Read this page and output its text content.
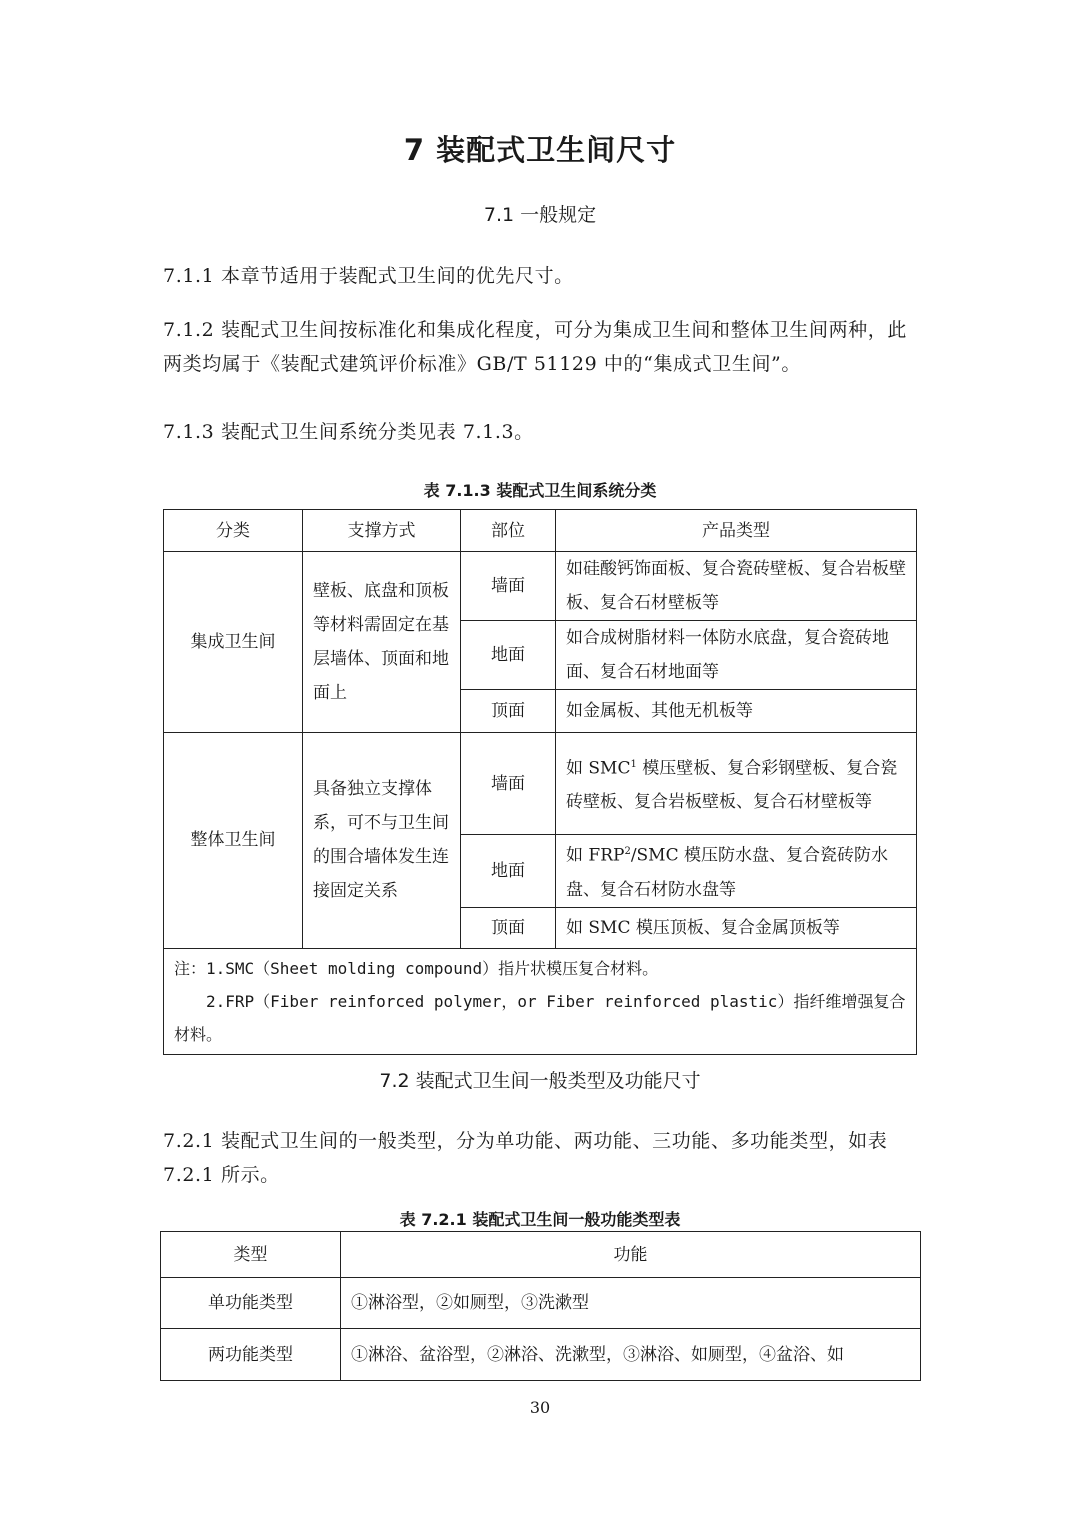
7 装配式卫生间尺寸
7.1 一般规定
7.1.1 本章节适用于装配式卫生间的优先尺寸。
7.1.2 装配式卫生间按标准化和集成化程度，可分为集成卫生间和整体卫生间两种，此两类均属于《装配式建筑评价标准》GB/T 51129 中的“集成式卫生间”。
7.1.3 装配式卫生间系统分类见表 7.1.3。
表 7.1.3 装配式卫生间系统分类
分类	支撑方式	部位	产品类型
集成卫生间	壁板、底盘和顶板等材料需固定在基层墙体、顶面和地面上	墙面	如硅酸钙饰面板、复合瓷砖壁板、复合岩板壁板、复合石材壁板等
		地面	如合成树脂材料一体防水底盘，复合瓷砖地面、复合石材地面等
		顶面	如金属板、其他无机板等
整体卫生间	具备独立支撑体系，可不与卫生间的围合墙体发生连接固定关系	墙面	如 SMC$^1$ 模压壁板、复合彩钢壁板、复合瓷砖壁板、复合岩板壁板、复合石材壁板等
		地面	如 FRP$^2$/SMC 模压防水盘、复合瓷砖防水盘、复合石材防水盘等
		顶面	如 SMC 模压顶板、复合金属顶板等

注：1.SMC（Sheet molding compound）指片状模压复合材料。
2.FRP（Fiber reinforced polymer，or Fiber reinforced plastic）指纤维增强复合材料。			
7.2 装配式卫生间一般类型及功能尺寸
7.2.1 装配式卫生间的一般类型，分为单功能、两功能、三功能、多功能类型，如表 7.2.1 所示。
表 7.2.1 装配式卫生间一般功能类型表
类型	功能
单功能类型	①淋浴型，②如厕型，③洗漱型
两功能类型	①淋浴、盆浴型，②淋浴、洗漱型，③淋浴、如厕型，④盆浴、如
30
